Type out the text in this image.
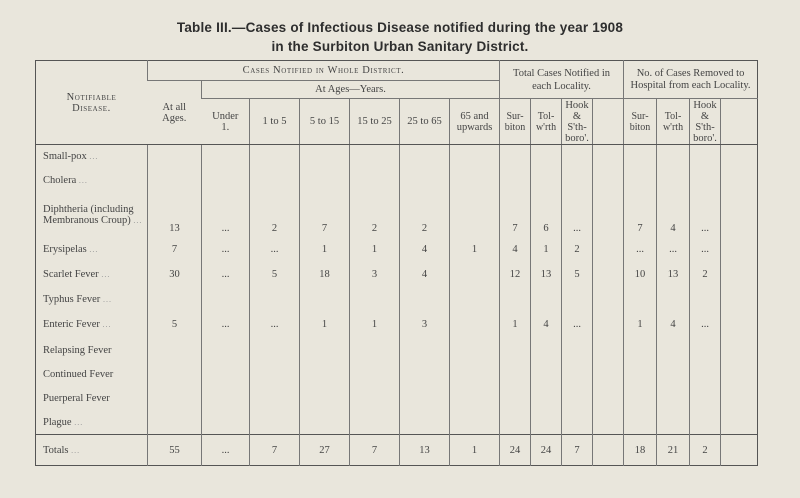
Table III.—Cases of Infectious Disease notified during the year 1908
in the Surbiton Urban Sanitary District.
Notifiable Disease.	Cases Notified in Whole District.							Total Cases Notified in each Locality.				No. of Cases Removed to Hospital from each Locality.			
	At all Ages.	At Ages—Years.													
		Under 1.	1 to 5	5 to 15	15 to 25	25 to 65	65 and upwards	Sur-biton	Tol-w'rth	Hook & S'th-boro'.		Sur-biton	Tol-w'rth	Hook & S'th-boro'.	
Small-pox ...															
Cholera ...															
Diphtheria (including Membranous Croup) ...	13	...	2	7	2	2		7	6	...		7	4	...	
Erysipelas ...	7	...	...	1	1	4	1	4	1	2		...	...	...	
Scarlet Fever ...	30	...	5	18	3	4		12	13	5		10	13	2	
Typhus Fever ...															
Enteric Fever ...	5	...	...	1	1	3		1	4	...		1	4	...	
Relapsing Fever															
Continued Fever															
Puerperal Fever															
Plague ...															
Totals ...	55	...	7	27	7	13	1	24	24	7		18	21	2	
